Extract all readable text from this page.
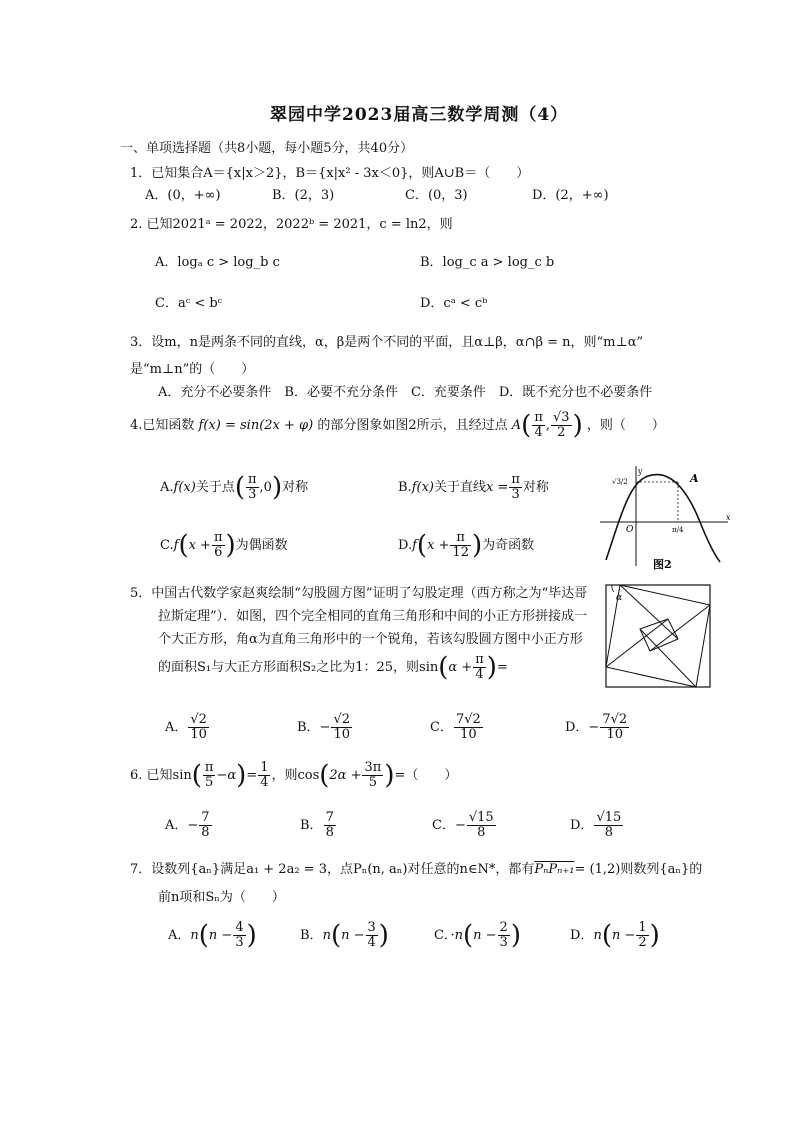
翠园中学2023届高三数学周测（4）
一、单项选择题（共8小题，每小题5分，共40分）
1．已知集合A＝{x|x＞2}，B＝{x|x² - 3x＜0}，则A∪B＝（　　）
A．(0，+∞)	B．(2，3)	C．(0，3)	D．(2，+∞)
2. 已知2021ᵃ = 2022，2022ᵇ = 2021，c = ln2，则
A．logₐ c > log_b c	B．log_c a > log_c b
C．aᶜ < bᶜ	D．cᵃ < cᵇ
3．设m，n是两条不同的直线，α，β是两个不同的平面，且α⊥β，α∩β = n，则“m⊥α”
是“m⊥n”的（　　）
A．充分不必要条件　B．必要不充分条件　C．充要条件　D．既不充分也不必要条件
4.已知函数 f(x) = sin(2x + φ) 的部分图象如图2所示，且经过点 $A( \frac{\pi}{4}$ , $\frac{√3}{2}$ ) ，则（　　）
A.f(x)关于点( $\frac{\pi}{3} ,0$)对称	B.f(x)关于直线$x = \frac{\pi}{3}$ 对称
$C.f(x + \frac{\pi}{6}$ )为偶函数	$D.f(x + \frac{\pi}{12}$ )为奇函数
y
x
O
A
√3/2
π/4
图2
5．中国古代数学家赵爽绘制“勾股圆方图”证明了勾股定理（西方称之为“毕达哥
拉斯定理”）．如图，四个完全相同的直角三角形和中间的小正方形拼接成一
个大正方形，角α为直角三角形中的一个锐角，若该勾股圆方图中小正方形
的面积S₁与大正方形面积S₂之比为1：25，则$\sin(\alpha + \frac{\pi}{4}$ )=
α
A． $\frac{√2}{10}$	B．− $\frac{√2}{10}$	C． $\frac{7√2}{10}$	D．− $\frac{7√2}{10}$
6. 已知$\sin( \frac{\pi}{5} -\alpha)= \frac{1}{4}$ ，则$\cos(2\alpha + \frac{3\pi}{5}$ )=（　　）
A．− $\frac{7}{8}$	B． $\frac{7}{8}$	C．− $\frac{√15}{8}$	D． $\frac{√15}{8}$
7．设数列{aₙ}满足a₁ + 2a₂ = 3，点Pₙ(n, aₙ)对任意的n∈N*，都有PₙPₙ₊₁= (1,2)则数列{aₙ}的
前n项和Sₙ为（　　）
A．$n(n - \frac{4}{3}$ )	B．$n(n - \frac{3}{4}$ )	C．$\cdot n(n - \frac{2}{3}$ )	D．$n(n - \frac{1}{2}$ )
